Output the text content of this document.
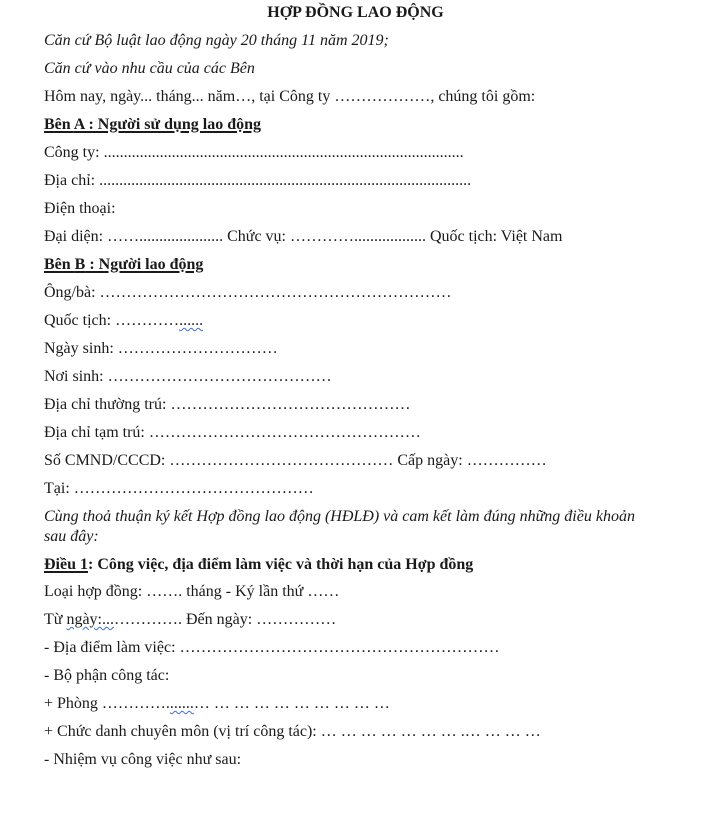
HỢP ĐỒNG LAO ĐỘNG
Căn cứ Bộ luật lao động ngày 20 tháng 11 năm 2019;
Căn cứ vào nhu cầu của các Bên
Hôm nay, ngày... tháng... năm…, tại Công ty ………………, chúng tôi gồm:
Bên A : Người sử dụng lao động
Công ty: ..........................................................................................
Địa chỉ: .............................................................................................
Điện thoại:
Đại diện: ……..................... Chức vụ: ………….................. Quốc tịch: Việt Nam
Bên B : Người lao động
Ông/bà: …………………………………………………………
Quốc tịch: …………......
Ngày sinh: …………………………
Nơi sinh: ……………………………………
Địa chỉ thường trú: ………………………………………
Địa chỉ tạm trú: ……………………………………………
Số CMND/CCCD: …………………………………… Cấp ngày: ……………
Tại: ………………………………………
Cùng thoả thuận ký kết Hợp đồng lao động (HĐLĐ) và cam kết làm đúng những điều khoản sau đây:
Điều 1: Công việc, địa điểm làm việc và thời hạn của Hợp đồng
Loại hợp đồng: ……. tháng - Ký lần thứ ……
Từ ngày:...…………. Đến ngày: ……………
- Địa điểm làm việc: ……………………………………………………
- Bộ phận công tác:
+ Phòng ………….......… … … … … … … … … …
+ Chức danh chuyên môn (vị trí công tác): … … … … … … … .… … … …
- Nhiệm vụ công việc như sau:
